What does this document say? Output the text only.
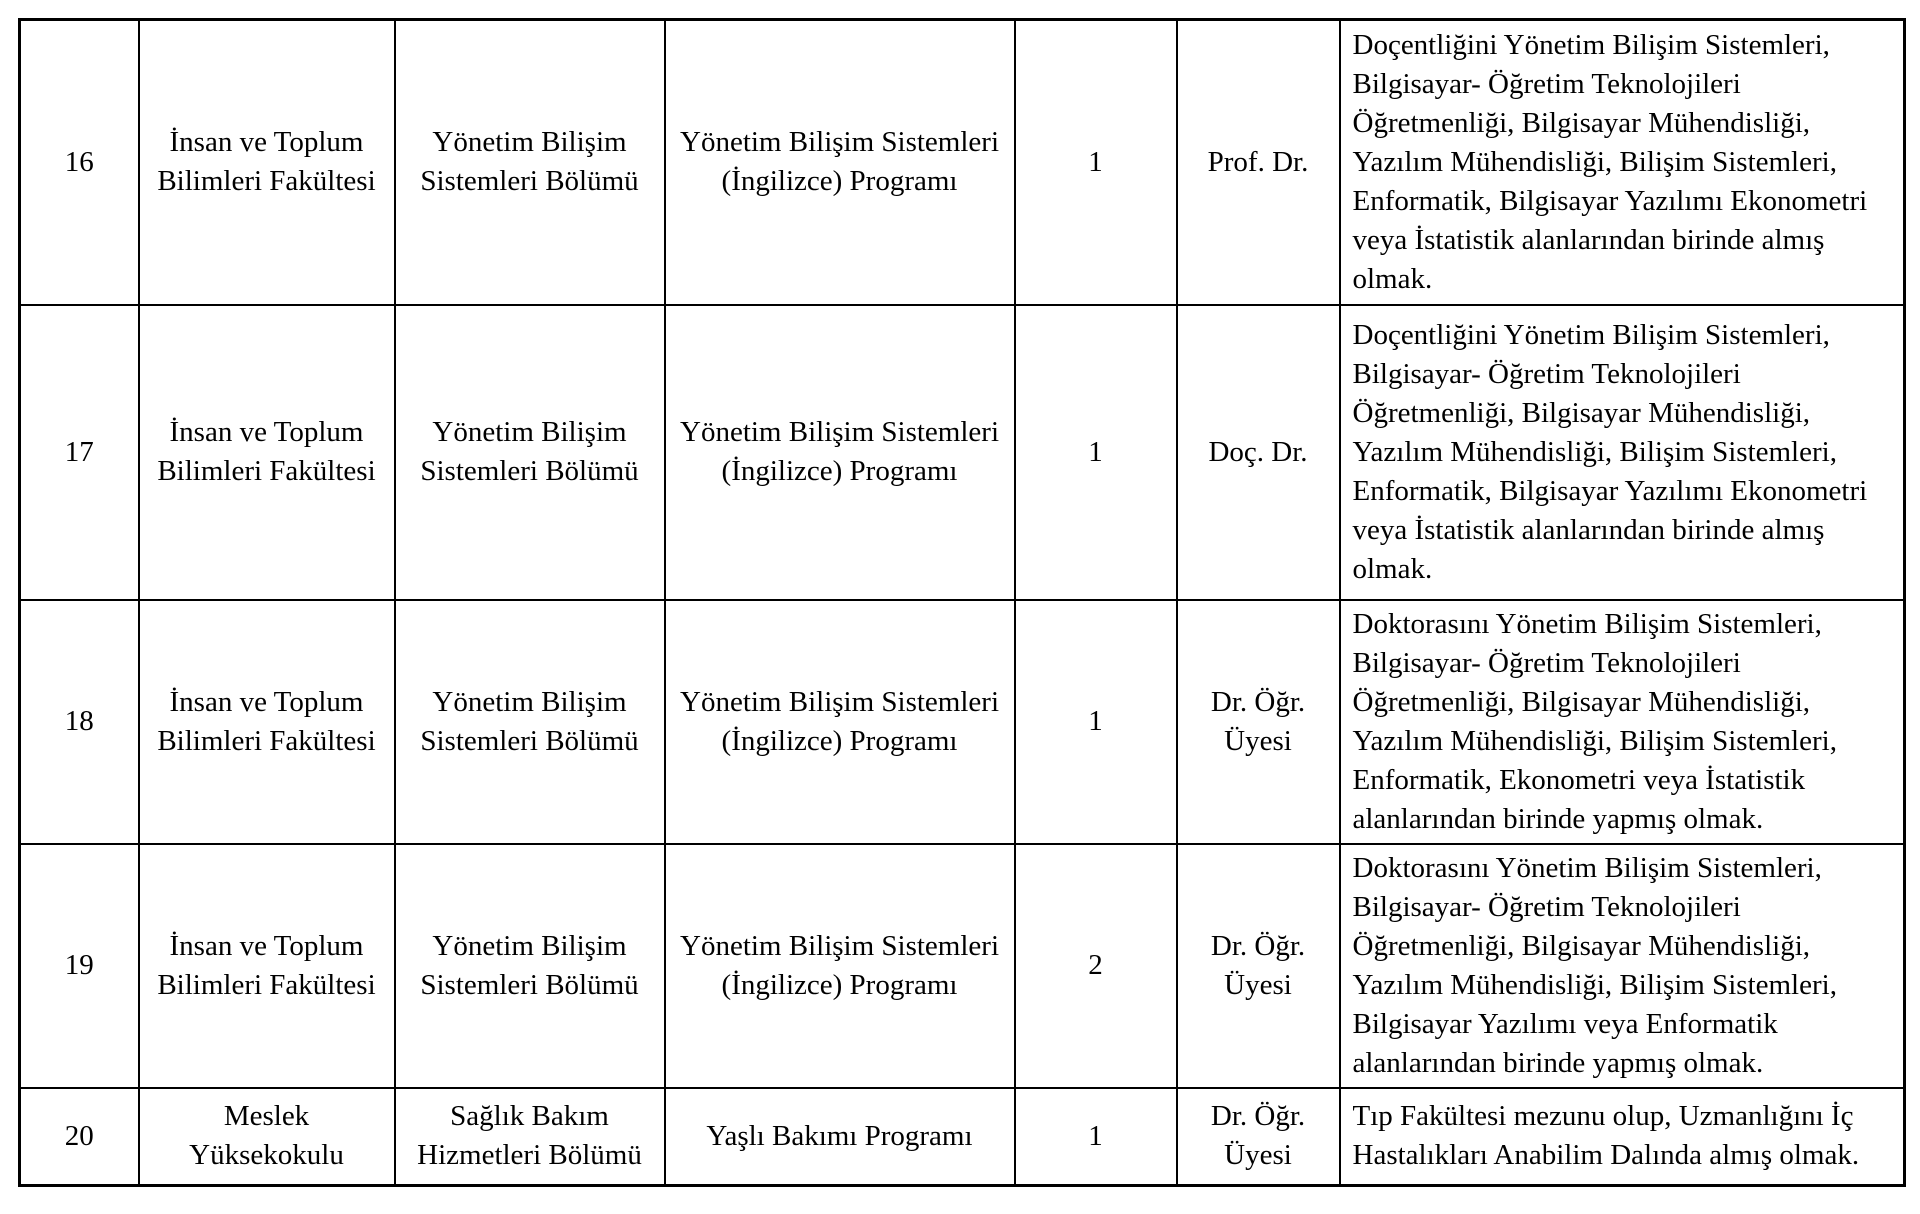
16	İnsan ve Toplum Bilimleri Fakültesi	Yönetim Bilişim Sistemleri Bölümü	Yönetim Bilişim Sistemleri (İngilizce) Programı	1	Prof. Dr.	Doçentliğini Yönetim Bilişim Sistemleri, Bilgisayar- Öğretim Teknolojileri Öğretmenliği, Bilgisayar Mühendisliği, Yazılım Mühendisliği, Bilişim Sistemleri, Enformatik, Bilgisayar Yazılımı Ekonometri veya İstatistik alanlarından birinde almış olmak.
17	İnsan ve Toplum Bilimleri Fakültesi	Yönetim Bilişim Sistemleri Bölümü	Yönetim Bilişim Sistemleri (İngilizce) Programı	1	Doç. Dr.	Doçentliğini Yönetim Bilişim Sistemleri, Bilgisayar- Öğretim Teknolojileri Öğretmenliği, Bilgisayar Mühendisliği, Yazılım Mühendisliği, Bilişim Sistemleri, Enformatik, Bilgisayar Yazılımı Ekonometri veya İstatistik alanlarından birinde almış olmak.
18	İnsan ve Toplum Bilimleri Fakültesi	Yönetim Bilişim Sistemleri Bölümü	Yönetim Bilişim Sistemleri (İngilizce) Programı	1	Dr. Öğr. Üyesi	Doktorasını Yönetim Bilişim Sistemleri, Bilgisayar- Öğretim Teknolojileri Öğretmenliği, Bilgisayar Mühendisliği, Yazılım Mühendisliği, Bilişim Sistemleri, Enformatik, Ekonometri veya İstatistik alanlarından birinde yapmış olmak.
19	İnsan ve Toplum Bilimleri Fakültesi	Yönetim Bilişim Sistemleri Bölümü	Yönetim Bilişim Sistemleri (İngilizce) Programı	2	Dr. Öğr. Üyesi	Doktorasını Yönetim Bilişim Sistemleri, Bilgisayar- Öğretim Teknolojileri Öğretmenliği, Bilgisayar Mühendisliği, Yazılım Mühendisliği, Bilişim Sistemleri, Bilgisayar Yazılımı veya Enformatik alanlarından birinde yapmış olmak.
20	Meslek Yüksekokulu	Sağlık Bakım Hizmetleri Bölümü	Yaşlı Bakımı Programı	1	Dr. Öğr. Üyesi	Tıp Fakültesi mezunu olup, Uzmanlığını İç Hastalıkları Anabilim Dalında almış olmak.
